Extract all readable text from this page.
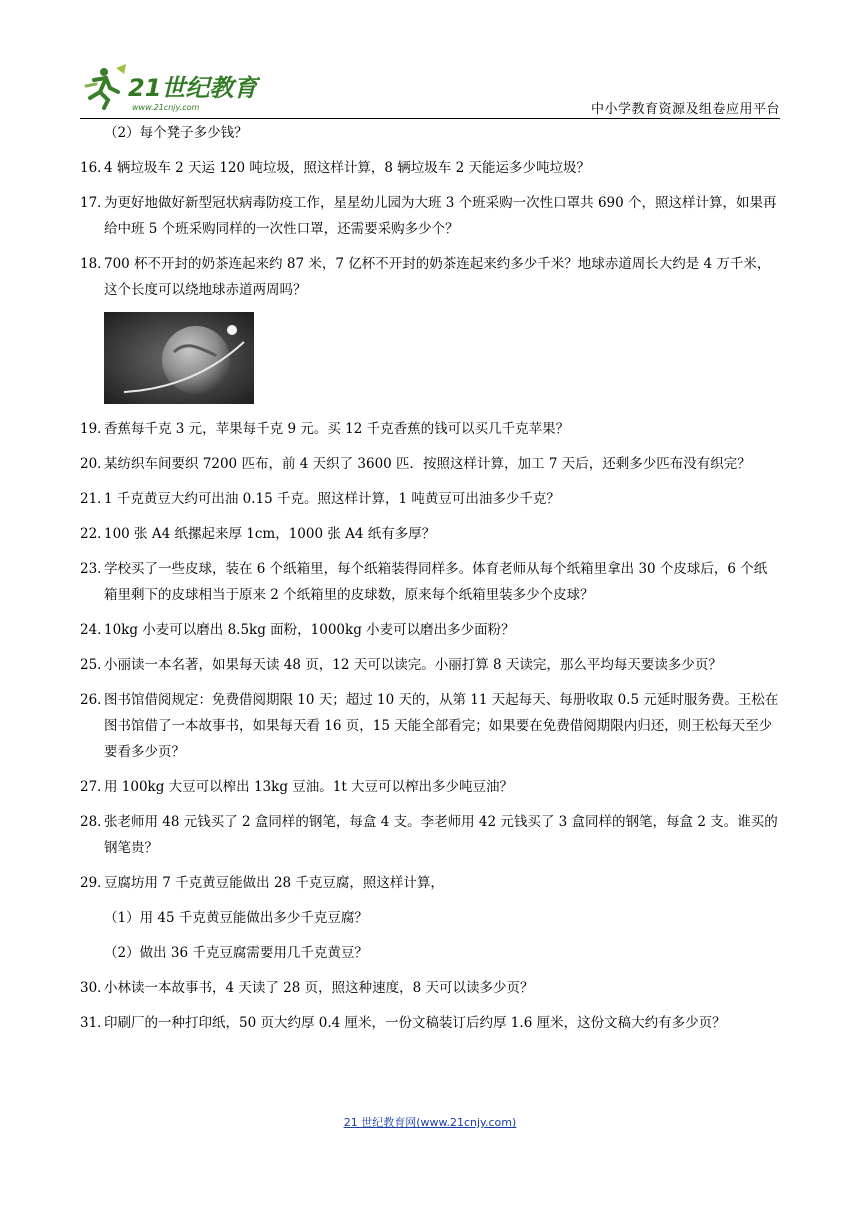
21世纪教育
www.21cnjy.com	中小学教育资源及组卷应用平台
（2）每个凳子多少钱？
16．
4 辆垃圾车 2 天运 120 吨垃圾，照这样计算，8 辆垃圾车 2 天能运多少吨垃圾？
17．
为更好地做好新型冠状病毒防疫工作，星星幼儿园为大班 3 个班采购一次性口罩共 690 个，照这样计算，如果再给中班 5 个班采购同样的一次性口罩，还需要采购多少个？
18．
700 杯不开封的奶茶连起来约 87 米，7 亿杯不开封的奶茶连起来约多少千米？地球赤道周长大约是 4 万千米，这个长度可以绕地球赤道两周吗？
19．
香蕉每千克 3 元，苹果每千克 9 元。买 12 千克香蕉的钱可以买几千克苹果？
20．
某纺织车间要织 7200 匹布，前 4 天织了 3600 匹．按照这样计算，加工 7 天后，还剩多少匹布没有织完？
21．
1 千克黄豆大约可出油 0.15 千克。照这样计算，1 吨黄豆可出油多少千克？
22．
100 张 A4 纸摞起来厚 1cm，1000 张 A4 纸有多厚？
23．
学校买了一些皮球，装在 6 个纸箱里，每个纸箱装得同样多。体育老师从每个纸箱里拿出 30 个皮球后，6 个纸箱里剩下的皮球相当于原来 2 个纸箱里的皮球数，原来每个纸箱里装多少个皮球？
24．
10kg 小麦可以磨出 8.5kg 面粉，1000kg 小麦可以磨出多少面粉？
25．
小丽读一本名著，如果每天读 48 页，12 天可以读完。小丽打算 8 天读完，那么平均每天要读多少页？
26．
图书馆借阅规定：免费借阅期限 10 天；超过 10 天的，从第 11 天起每天、每册收取 0.5 元延时服务费。王松在图书馆借了一本故事书，如果每天看 16 页，15 天能全部看完；如果要在免费借阅期限内归还，则王松每天至少要看多少页？
27．
用 100kg 大豆可以榨出 13kg 豆油。1t 大豆可以榨出多少吨豆油？
28．
张老师用 48 元钱买了 2 盒同样的钢笔，每盒 4 支。李老师用 42 元钱买了 3 盒同样的钢笔，每盒 2 支。谁买的钢笔贵？
29．
豆腐坊用 7 千克黄豆能做出 28 千克豆腐，照这样计算，
（1）用 45 千克黄豆能做出多少千克豆腐？
（2）做出 36 千克豆腐需要用几千克黄豆？
30．
小林读一本故事书，4 天读了 28 页，照这种速度，8 天可以读多少页？
31．
印刷厂的一种打印纸，50 页大约厚 0.4 厘米，一份文稿装订后约厚 1.6 厘米，这份文稿大约有多少页？
21 世纪教育网(www.21cnjy.com)
